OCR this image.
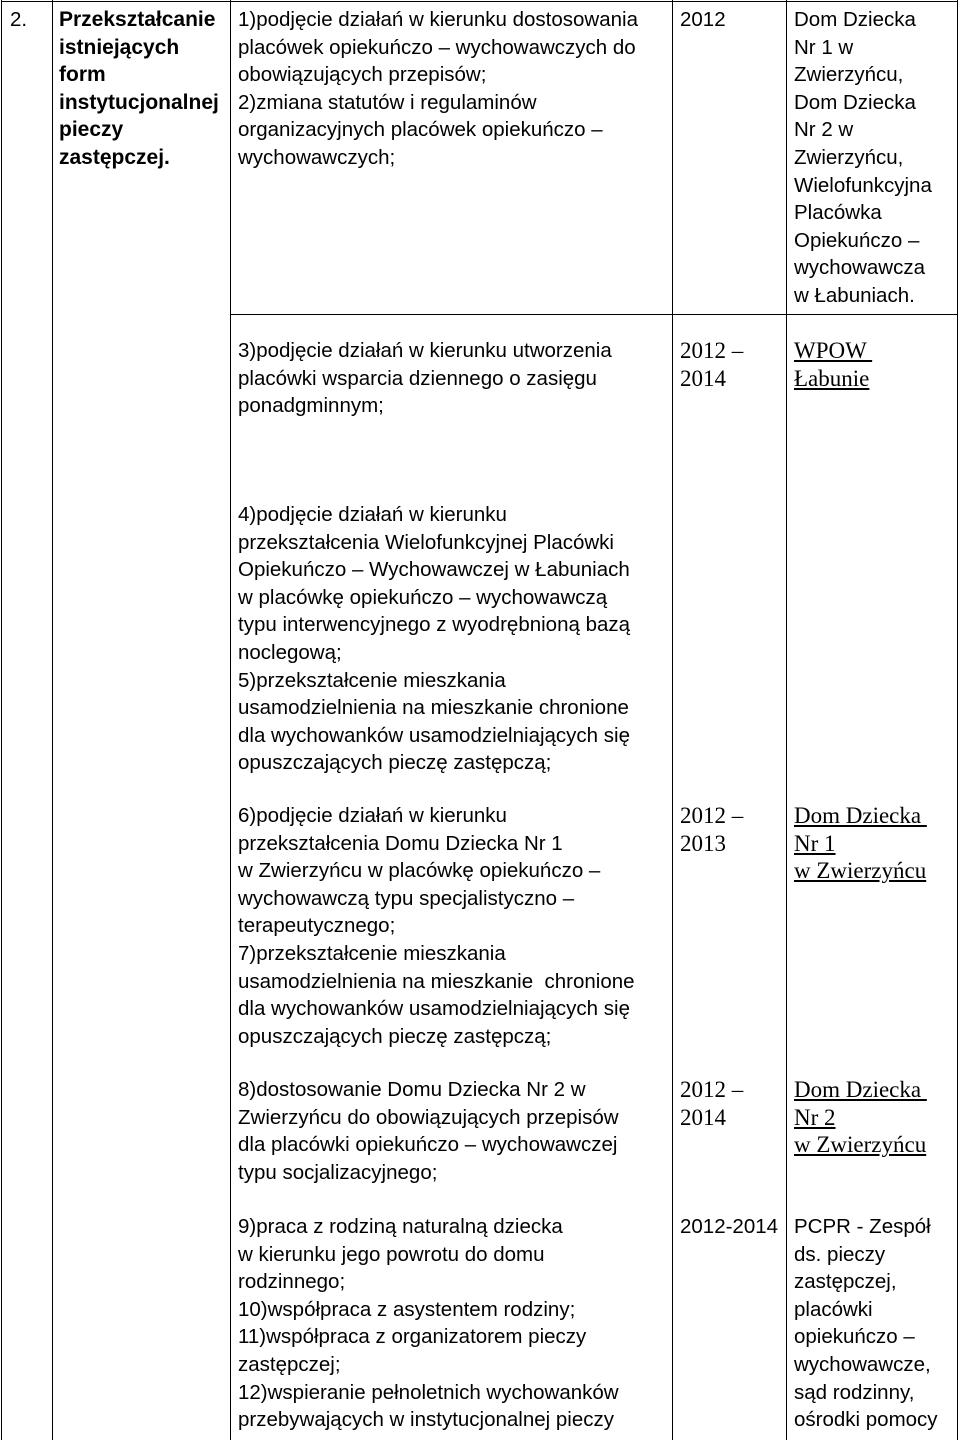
2. Przekształcanie
istniejących
form
instytucjonalnej
pieczy
zastępczej.
1)podjęcie działań w kierunku dostosowania
placówek opiekuńczo – wychowawczych do
obowiązujących przepisów;
2)zmiana statutów i regulaminów
organizacyjnych placówek opiekuńczo –
wychowawczych;
2012	Dom Dziecka
Nr 1 w
Zwierzyńcu,
Dom Dziecka
Nr 2 w
Zwierzyńcu,
Wielofunkcyjna
Placówka
Opiekuńczo –
wychowawcza
w Łabuniach.
3)podjęcie działań w kierunku utworzenia
placówki wsparcia dziennego o zasięgu
ponadgminnym;
2012 –
2014
WPOW
Łabunie
4)podjęcie działań w kierunku
przekształcenia Wielofunkcyjnej Placówki
Opiekuńczo – Wychowawczej w Łabuniach
w placówkę opiekuńczo – wychowawczą
typu interwencyjnego z wyodrębnioną bazą
noclegową;
5)przekształcenie mieszkania
usamodzielnienia na mieszkanie chronione
dla wychowanków usamodzielniających się
opuszczających pieczę zastępczą;
6)podjęcie działań w kierunku
przekształcenia Domu Dziecka Nr 1
w Zwierzyńcu w placówkę opiekuńczo –
wychowawczą typu specjalistyczno –
terapeutycznego;
7)przekształcenie mieszkania
usamodzielnienia na mieszkanie  chronione
dla wychowanków usamodzielniających się
opuszczających pieczę zastępczą;
2012 –
2013
Dom Dziecka
Nr 1
w Zwierzyńcu
8)dostosowanie Domu Dziecka Nr 2 w
Zwierzyńcu do obowiązujących przepisów
dla placówki opiekuńczo – wychowawczej
typu socjalizacyjnego;
2012 –
2014
Dom Dziecka
Nr 2
w Zwierzyńcu
9)praca z rodziną naturalną dziecka
w kierunku jego powrotu do domu
rodzinnego;
10)współpraca z asystentem rodziny;
11)współpraca z organizatorem pieczy
zastępczej;
12)wspieranie pełnoletnich wychowanków
przebywających w instytucjonalnej pieczy
2012-2014 PCPR - Zespół
ds. pieczy
zastępczej,
placówki
opiekuńczo –
wychowawcze,
sąd rodzinny,
ośrodki pomocy
